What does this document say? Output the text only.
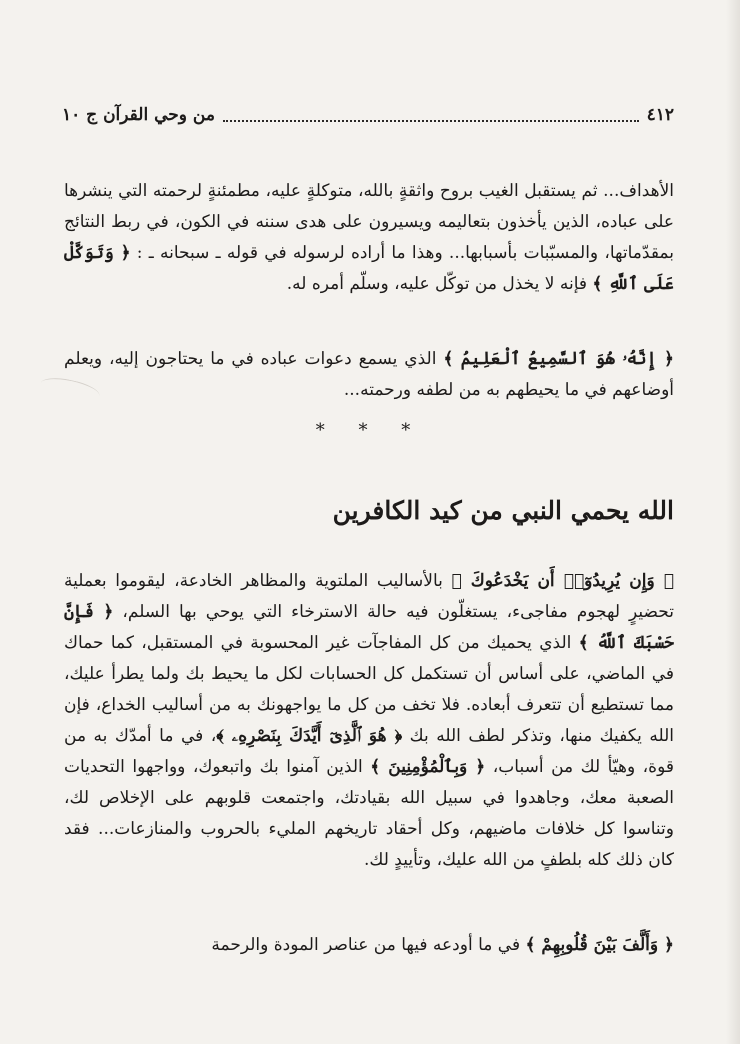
٤١٢
من وحي القرآن ج ١٠

الأهداف... ثم يستقبل الغيب بروح واثقةٍ بالله، متوكلةٍ عليه، مطمئنةٍ لرحمته التي ينشرها على عباده، الذين يأخذون بتعاليمه ويسيرون على هدى سننه في الكون، في ربط النتائج بمقدّماتها، والمسبّبات بأسبابها... وهذا ما أراده لرسوله في قوله ـ سبحانه ـ : ﴿ وَتَوَكَّلْ عَلَى ٱللَّهِ ﴾ فإنه لا يخذل من توكّل عليه، وسلّم أمره له.

﴿ إِنَّهُۥ هُوَ ٱلسَّمِيعُ ٱلْعَلِيمُ ﴾ الذي يسمع دعوات عباده في ما يحتاجون إليه، ويعلم أوضاعهم في ما يحيطهم به من لطفه ورحمته...

* * *
الله يحمي النبي من كيد الكافرين

﴿ وَإِن يُرِيدُوٓا۟ أَن يَخْدَعُوكَ ﴾ بالأساليب الملتوية والمظاهر الخادعة، ليقوموا بعملية تحضيرٍ لهجوم مفاجىء، يستغلّون فيه حالة الاسترخاء التي يوحي بها السلم، ﴿ فَإِنَّ حَسْبَكَ ٱللَّهُ ﴾ الذي يحميك من كل المفاجآت غير المحسوبة في المستقبل، كما حماك في الماضي، على أساس أن تستكمل كل الحسابات لكل ما يحيط بك ولما يطرأ عليك، مما تستطيع أن تتعرف أبعاده. فلا تخف من كل ما يواجهونك به من أساليب الخداع، فإن الله يكفيك منها، وتذكر لطف الله بك ﴿ هُوَ ٱلَّذِىٓ أَيَّدَكَ بِنَصْرِهِۦ ﴾، في ما أمدّك به من قوة، وهيّأ لك من أسباب، ﴿ وَبِٱلْمُؤْمِنِينَ ﴾ الذين آمنوا بك واتبعوك، وواجهوا التحديات الصعبة معك، وجاهدوا في سبيل الله بقيادتك، واجتمعت قلوبهم على الإخلاص لك، وتناسوا كل خلافات ماضيهم، وكل أحقاد تاريخهم المليء بالحروب والمنازعات... فقد كان ذلك كله بلطفٍ من الله عليك، وتأييدٍ لك.

﴿ وَأَلَّفَ بَيْنَ قُلُوبِهِمْ ﴾ في ما أودعه فيها من عناصر المودة والرحمة
